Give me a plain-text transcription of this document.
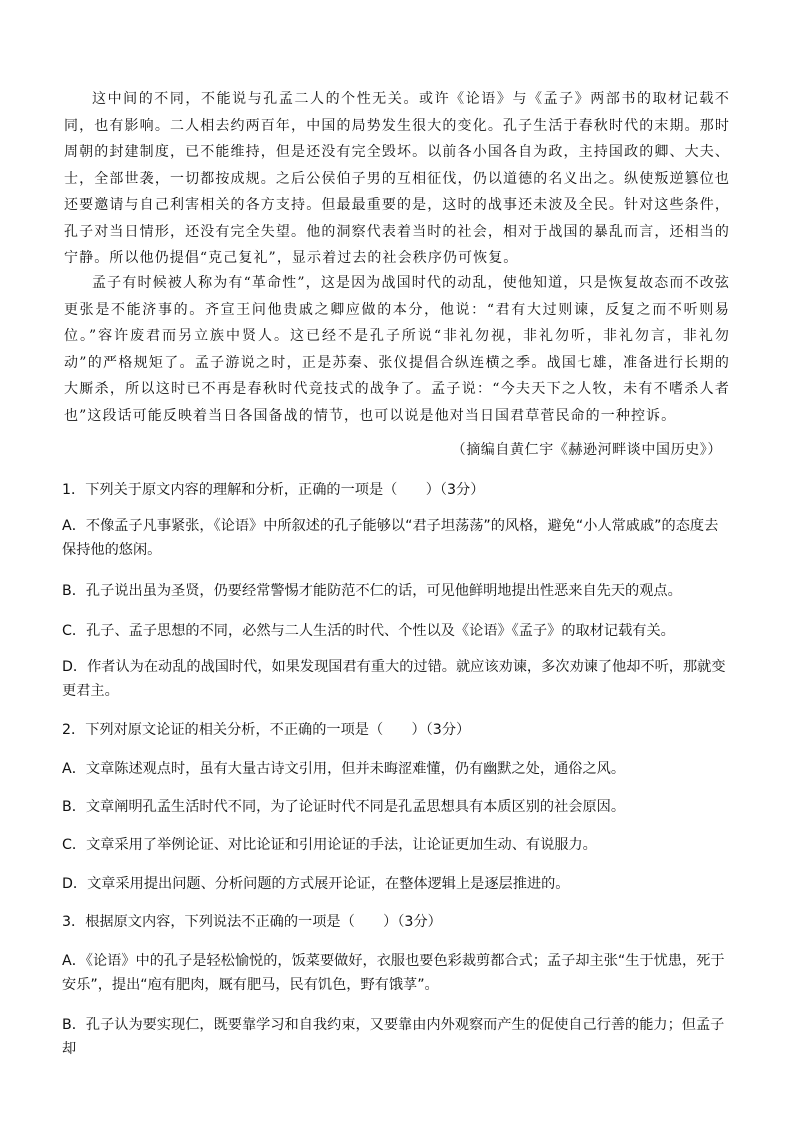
这中间的不同，不能说与孔孟二人的个性无关。或许《论语》与《孟子》两部书的取材记载不同，也有影响。二人相去约两百年，中国的局势发生很大的变化。孔子生活于春秋时代的末期。那时周朝的封建制度，已不能维持，但是还没有完全毁坏。以前各小国各自为政，主持国政的卿、大夫、士，全部世袭，一切都按成规。之后公侯伯子男的互相征伐，仍以道德的名义出之。纵使叛逆篡位也还要邀请与自己利害相关的各方支持。但最最重要的是，这时的战事还未波及全民。针对这些条件，孔子对当日情形，还没有完全失望。他的洞察代表着当时的社会，相对于战国的暴乱而言，还相当的宁静。所以他仍提倡“克己复礼”，显示着过去的社会秩序仍可恢复。

孟子有时候被人称为有“革命性”，这是因为战国时代的动乱，使他知道，只是恢复故态而不改弦更张是不能济事的。齐宣王问他贵戚之卿应做的本分，他说：“君有大过则谏，反复之而不听则易位。”容许废君而另立族中贤人。这已经不是孔子所说“非礼勿视，非礼勿听，非礼勿言，非礼勿动”的严格规矩了。孟子游说之时，正是苏秦、张仪提倡合纵连横之季。战国七雄，准备进行长期的大厮杀，所以这时已不再是春秋时代竞技式的战争了。孟子说：“今夫天下之人牧，未有不嗜杀人者也”这段话可能反映着当日各国备战的情节，也可以说是他对当日国君草菅民命的一种控诉。

（摘编自黄仁宇《赫逊河畔谈中国历史》）

1．下列关于原文内容的理解和分析，正确的一项是（　　）（3分）

A．不像孟子凡事紧张，《论语》中所叙述的孔子能够以“君子坦荡荡”的风格，避免“小人常戚戚”的态度去保持他的悠闲。

B．孔子说出虽为圣贤，仍要经常警惕才能防范不仁的话，可见他鲜明地提出性恶来自先天的观点。

C．孔子、孟子思想的不同，必然与二人生活的时代、个性以及《论语》《孟子》的取材记载有关。

D．作者认为在动乱的战国时代，如果发现国君有重大的过错。就应该劝谏，多次劝谏了他却不听，那就变更君主。

2．下列对原文论证的相关分析，不正确的一项是（　　）（3分）

A．文章陈述观点时，虽有大量古诗文引用，但并未晦涩难懂，仍有幽默之处，通俗之风。

B．文章阐明孔孟生活时代不同，为了论证时代不同是孔孟思想具有本质区别的社会原因。

C．文章采用了举例论证、对比论证和引用论证的手法，让论证更加生动、有说服力。

D．文章采用提出问题、分析问题的方式展开论证，在整体逻辑上是逐层推进的。

3．根据原文内容，下列说法不正确的一项是（　　）（3分）

A．《论语》中的孔子是轻松愉悦的，饭菜要做好，衣服也要色彩裁剪都合式；孟子却主张“生于忧患，死于安乐”，提出“庖有肥肉，厩有肥马，民有饥色，野有饿莩”。

B．孔子认为要实现仁，既要靠学习和自我约束，又要靠由内外观察而产生的促使自己行善的能力；但孟子却
